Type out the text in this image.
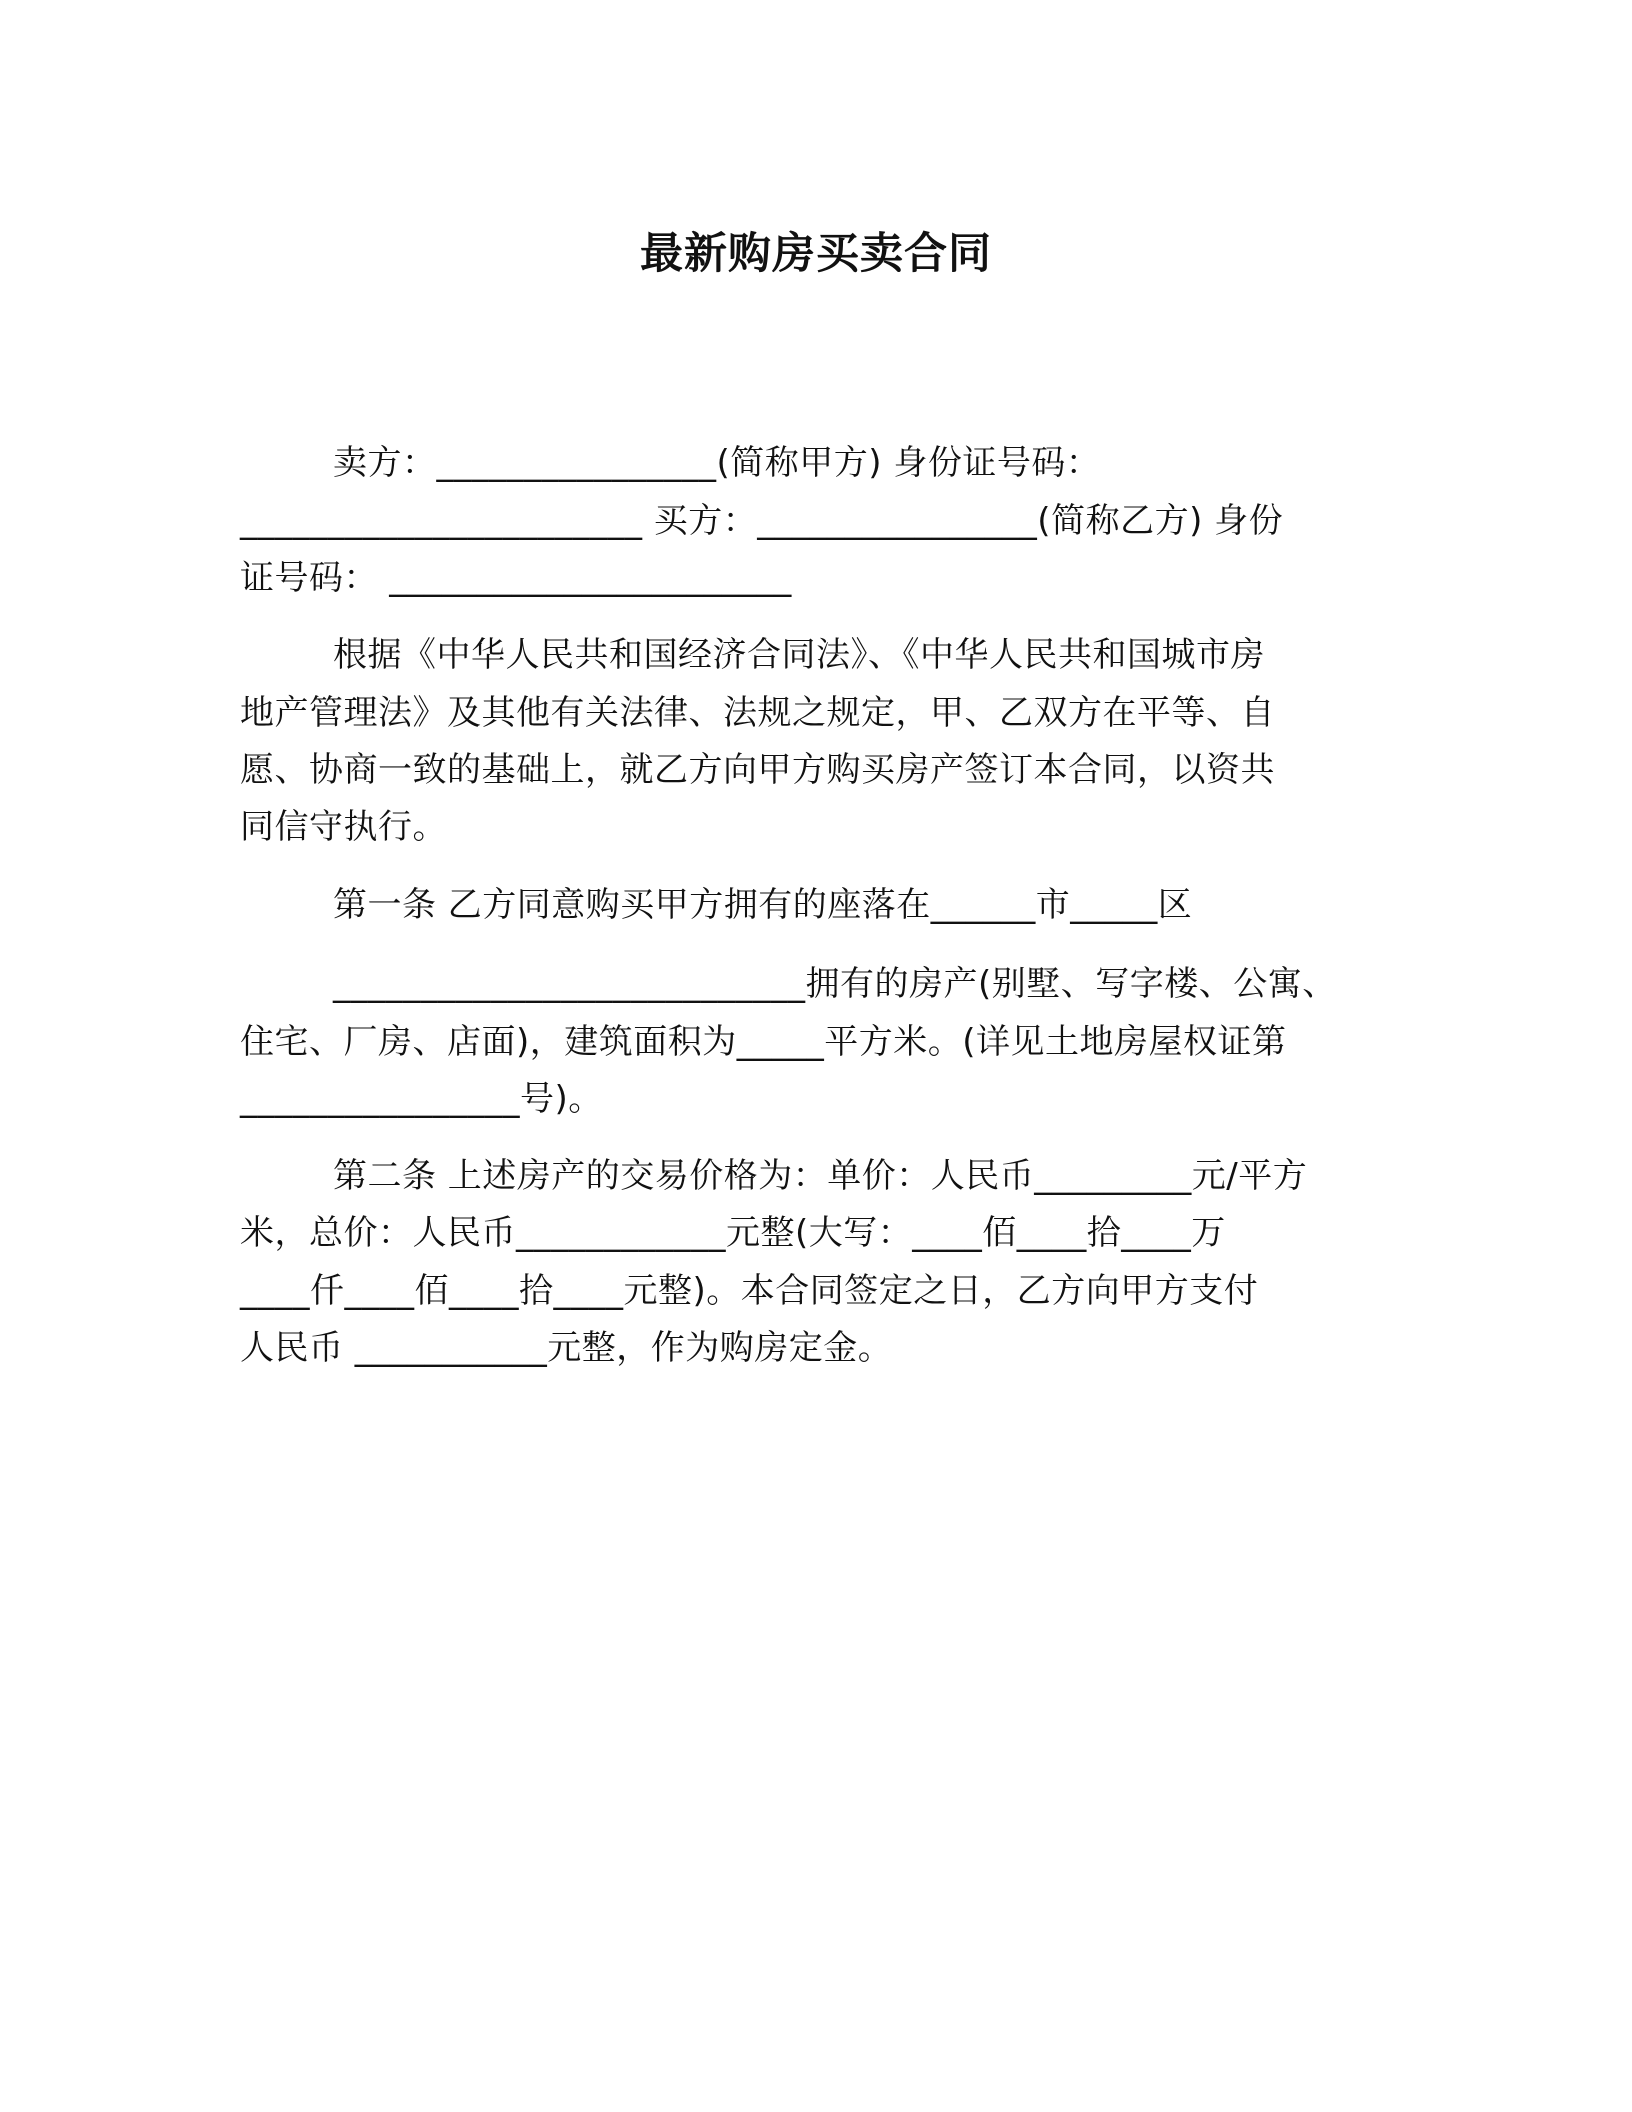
最新购房买卖合同
卖方：________________(简称甲方) 身份证号码：
_______________________ 买方：________________(简称乙方) 身份
证号码： _______________________
根据《中华人民共和国经济合同法》、《中华人民共和国城市房
地产管理法》及其他有关法律、法规之规定，甲、乙双方在平等、自
愿、协商一致的基础上，就乙方向甲方购买房产签订本合同，以资共
同信守执行。
第一条 乙方同意购买甲方拥有的座落在______市_____区
___________________________拥有的房产(别墅、写字楼、公寓、
住宅、厂房、店面)，建筑面积为_____平方米。(详见土地房屋权证第
________________号)。
第二条 上述房产的交易价格为：单价：人民币_________元/平方
米，总价：人民币____________元整(大写：____佰____拾____万
____仟____佰____拾____元整)。本合同签定之日，乙方向甲方支付
人民币 ___________元整，作为购房定金。
